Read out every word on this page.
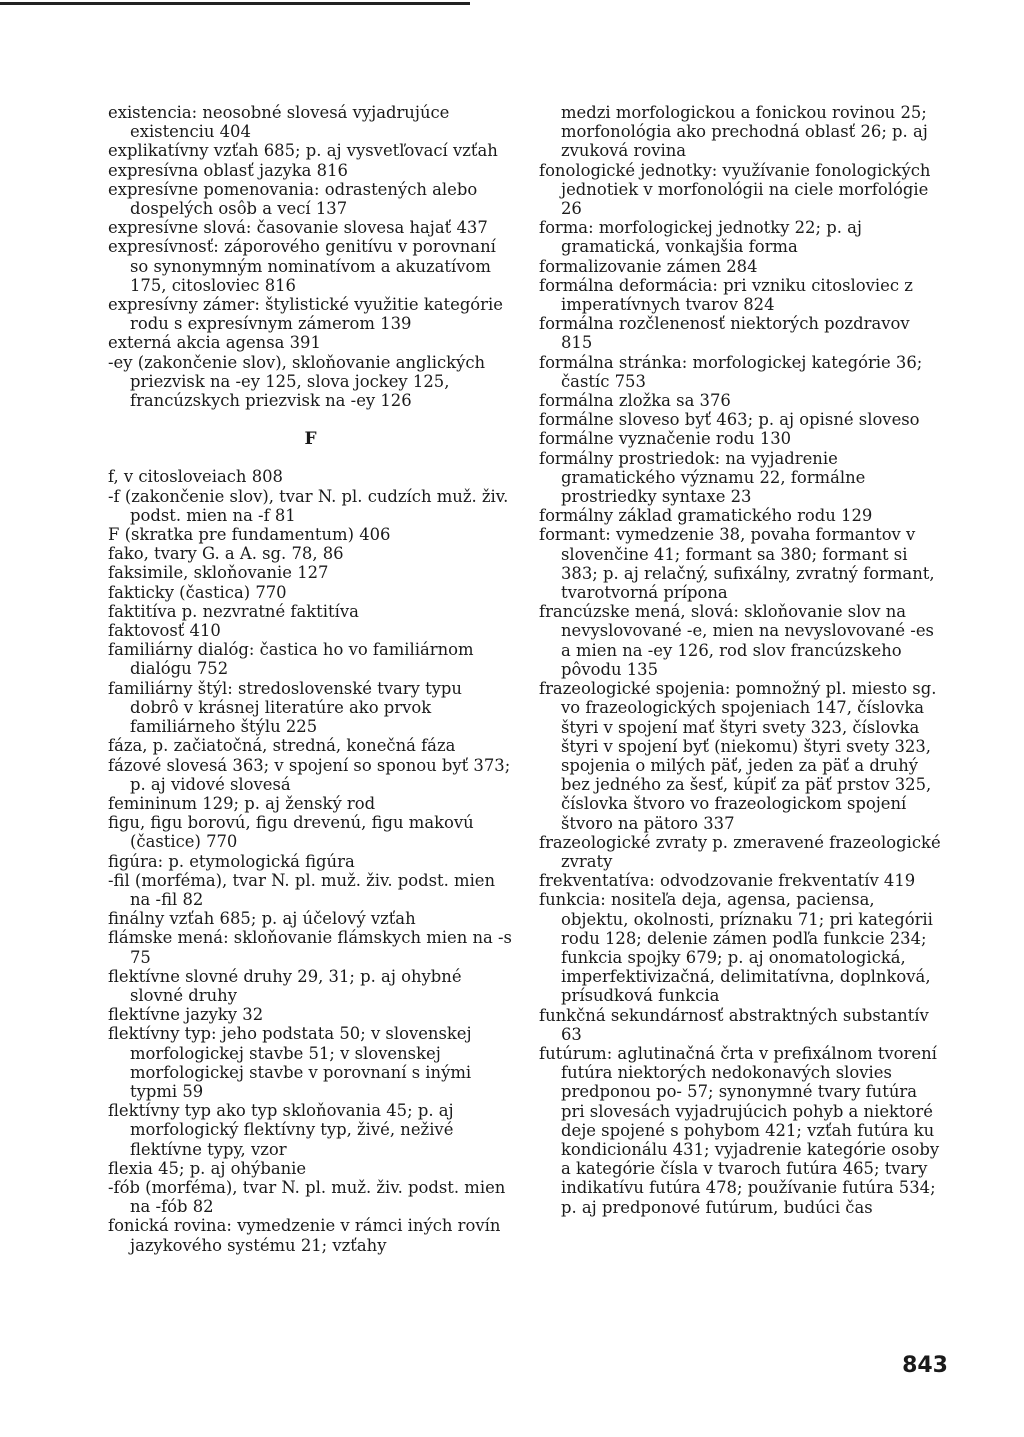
existencia: neosobné slovesá vyjadrujúce existenciu 404

explikatívny vzťah 685; p. aj vysvetľovací vzťah

expresívna oblasť jazyka 816

expresívne pomenovania: odrastených alebo dospelých osôb a vecí 137

expresívne slová: časovanie slovesa hajať 437

expresívnosť: záporového genitívu v porovnaní so synonymným nominatívom a akuzatívom 175, citosloviec 816

expresívny zámer: štylistické využitie kategórie rodu s expresívnym zámerom 139

externá akcia agensa 391

-ey (zakončenie slov), skloňovanie anglických priezvisk na -ey 125, slova jockey 125, francúzskych priezvisk na -ey 126

F

f, v citosloveiach 808

-f (zakončenie slov), tvar N. pl. cudzích muž. živ. podst. mien na -f 81

F (skratka pre fundamentum) 406

fako, tvary G. a A. sg. 78, 86

faksimile, skloňovanie 127

fakticky (častica) 770

faktitíva p. nezvratné faktitíva

faktovosť 410

familiárny dialóg: častica ho vo familiárnom dialógu 752

familiárny štýl: stredoslovenské tvary typu dobrô v krásnej literatúre ako prvok familiárneho štýlu 225

fáza, p. začiatočná, stredná, konečná fáza

fázové slovesá 363; v spojení so sponou byť 373; p. aj vidové slovesá

femininum 129; p. aj ženský rod

figu, figu borovú, figu drevenú, figu makovú (častice) 770

figúra: p. etymologická figúra

-fil (morféma), tvar N. pl. muž. živ. podst. mien na -fil 82

finálny vzťah 685; p. aj účelový vzťah

flámske mená: skloňovanie flámskych mien na -s 75

flektívne slovné druhy 29, 31; p. aj ohybné slovné druhy

flektívne jazyky 32

flektívny typ: jeho podstata 50; v slovenskej morfologickej stavbe 51; v slovenskej morfologickej stavbe v porovnaní s inými typmi 59

flektívny typ ako typ skloňovania 45; p. aj morfologický flektívny typ, živé, neživé flektívne typy, vzor

flexia 45; p. aj ohýbanie

-fób (morféma), tvar N. pl. muž. živ. podst. mien na -fób 82

fonická rovina: vymedzenie v rámci iných rovín jazykového systému 21; vzťahy

medzi morfologickou a fonickou rovinou 25; morfonológia ako prechodná oblasť 26; p. aj zvuková rovina

fonologické jednotky: využívanie fonologických jednotiek v morfonológii na ciele morfológie 26

forma: morfologickej jednotky 22; p. aj gramatická, vonkajšia forma

formalizovanie zámen 284

formálna deformácia: pri vzniku citosloviec z imperatívnych tvarov 824

formálna rozčlenenosť niektorých pozdravov 815

formálna stránka: morfologickej kategórie 36; častíc 753

formálna zložka sa 376

formálne sloveso byť 463; p. aj opisné sloveso

formálne vyznačenie rodu 130

formálny prostriedok: na vyjadrenie gramatického významu 22, formálne prostriedky syntaxe 23

formálny základ gramatického rodu 129

formant: vymedzenie 38, povaha formantov v slovenčine 41; formant sa 380; formant si 383; p. aj relačný, sufixálny, zvratný formant, tvarotvorná prípona

francúzske mená, slová: skloňovanie slov na nevyslovované -e, mien na nevyslovované -es a mien na -ey 126, rod slov francúzskeho pôvodu 135

frazeologické spojenia: pomnožný pl. miesto sg. vo frazeologických spojeniach 147, číslovka štyri v spojení mať štyri svety 323, číslovka štyri v spojení byť (niekomu) štyri svety 323, spojenia o milých päť, jeden za päť a druhý bez jedného za šesť, kúpiť za päť prstov 325, číslovka štvoro vo frazeologickom spojení štvoro na pätoro 337

frazeologické zvraty p. zmeravené frazeologické zvraty

frekventatíva: odvodzovanie frekventatív 419

funkcia: nositeľa deja, agensa, paciensa, objektu, okolnosti, príznaku 71; pri kategórii rodu 128; delenie zámen podľa funkcie 234; funkcia spojky 679; p. aj onomatologická, imperfektivizačná, delimitatívna, doplnková, prísudková funkcia

funkčná sekundárnosť abstraktných substantív 63

futúrum: aglutinačná črta v prefixálnom tvorení futúra niektorých nedokonavých slovies predponou po- 57; synonymné tvary futúra pri slovesách vyjadrujúcich pohyb a niektoré deje spojené s pohybom 421; vzťah futúra ku kondicionálu 431; vyjadrenie kategórie osoby a kategórie čísla v tvaroch futúra 465; tvary indikatívu futúra 478; používanie futúra 534; p. aj predponové futúrum, budúci čas

843
